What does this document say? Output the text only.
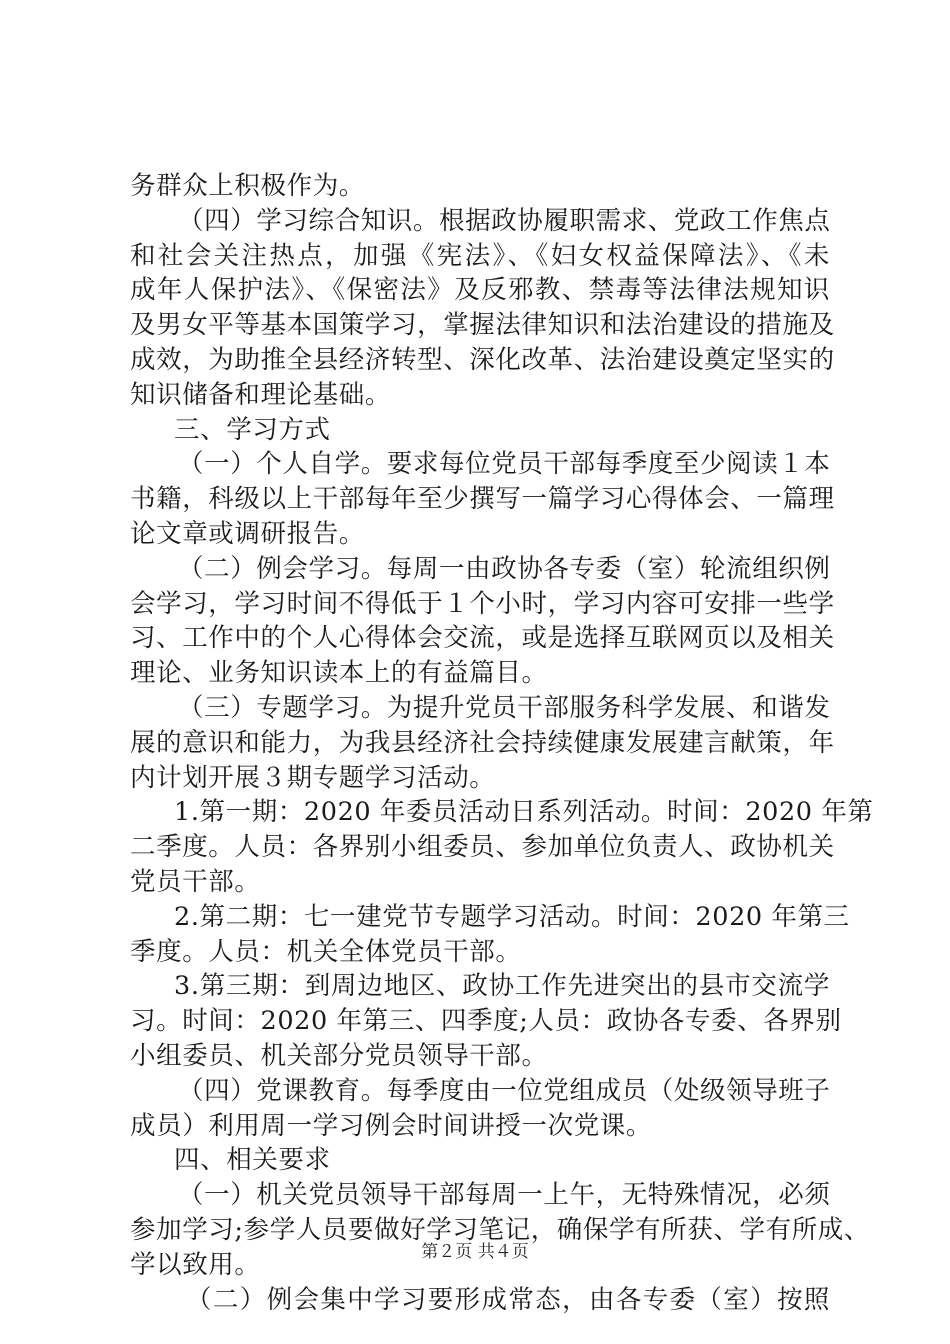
务群众上积极作为。
（四）学习综合知识。根据政协履职需求、党政工作焦点
和社会关注热点，加强《宪法》、《妇女权益保障法》、《未
成年人保护法》、《保密法》及反邪教、禁毒等法律法规知识
及男女平等基本国策学习，掌握法律知识和法治建设的措施及
成效，为助推全县经济转型、深化改革、法治建设奠定坚实的
知识储备和理论基础。
三、学习方式
（一）个人自学。要求每位党员干部每季度至少阅读１本
书籍，科级以上干部每年至少撰写一篇学习心得体会、一篇理
论文章或调研报告。
（二）例会学习。每周一由政协各专委（室）轮流组织例
会学习，学习时间不得低于１个小时，学习内容可安排一些学
习、工作中的个人心得体会交流，或是选择互联网页以及相关
理论、业务知识读本上的有益篇目。
（三）专题学习。为提升党员干部服务科学发展、和谐发
展的意识和能力，为我县经济社会持续健康发展建言献策，年
内计划开展３期专题学习活动。
1.第一期：2020 年委员活动日系列活动。时间：2020 年第
二季度。人员：各界别小组委员、参加单位负责人、政协机关
党员干部。
2.第二期：七一建党节专题学习活动。时间：2020 年第三
季度。人员：机关全体党员干部。
3.第三期：到周边地区、政协工作先进突出的县市交流学
习。时间：2020 年第三、四季度;人员：政协各专委、各界别
小组委员、机关部分党员领导干部。
（四）党课教育。每季度由一位党组成员（处级领导班子
成员）利用周一学习例会时间讲授一次党课。
四、相关要求
（一）机关党员领导干部每周一上午，无特殊情况，必须
参加学习;参学人员要做好学习笔记，确保学有所获、学有所成、
学以致用。
（二）例会集中学习要形成常态，由各专委（室）按照
第２页 共４页
